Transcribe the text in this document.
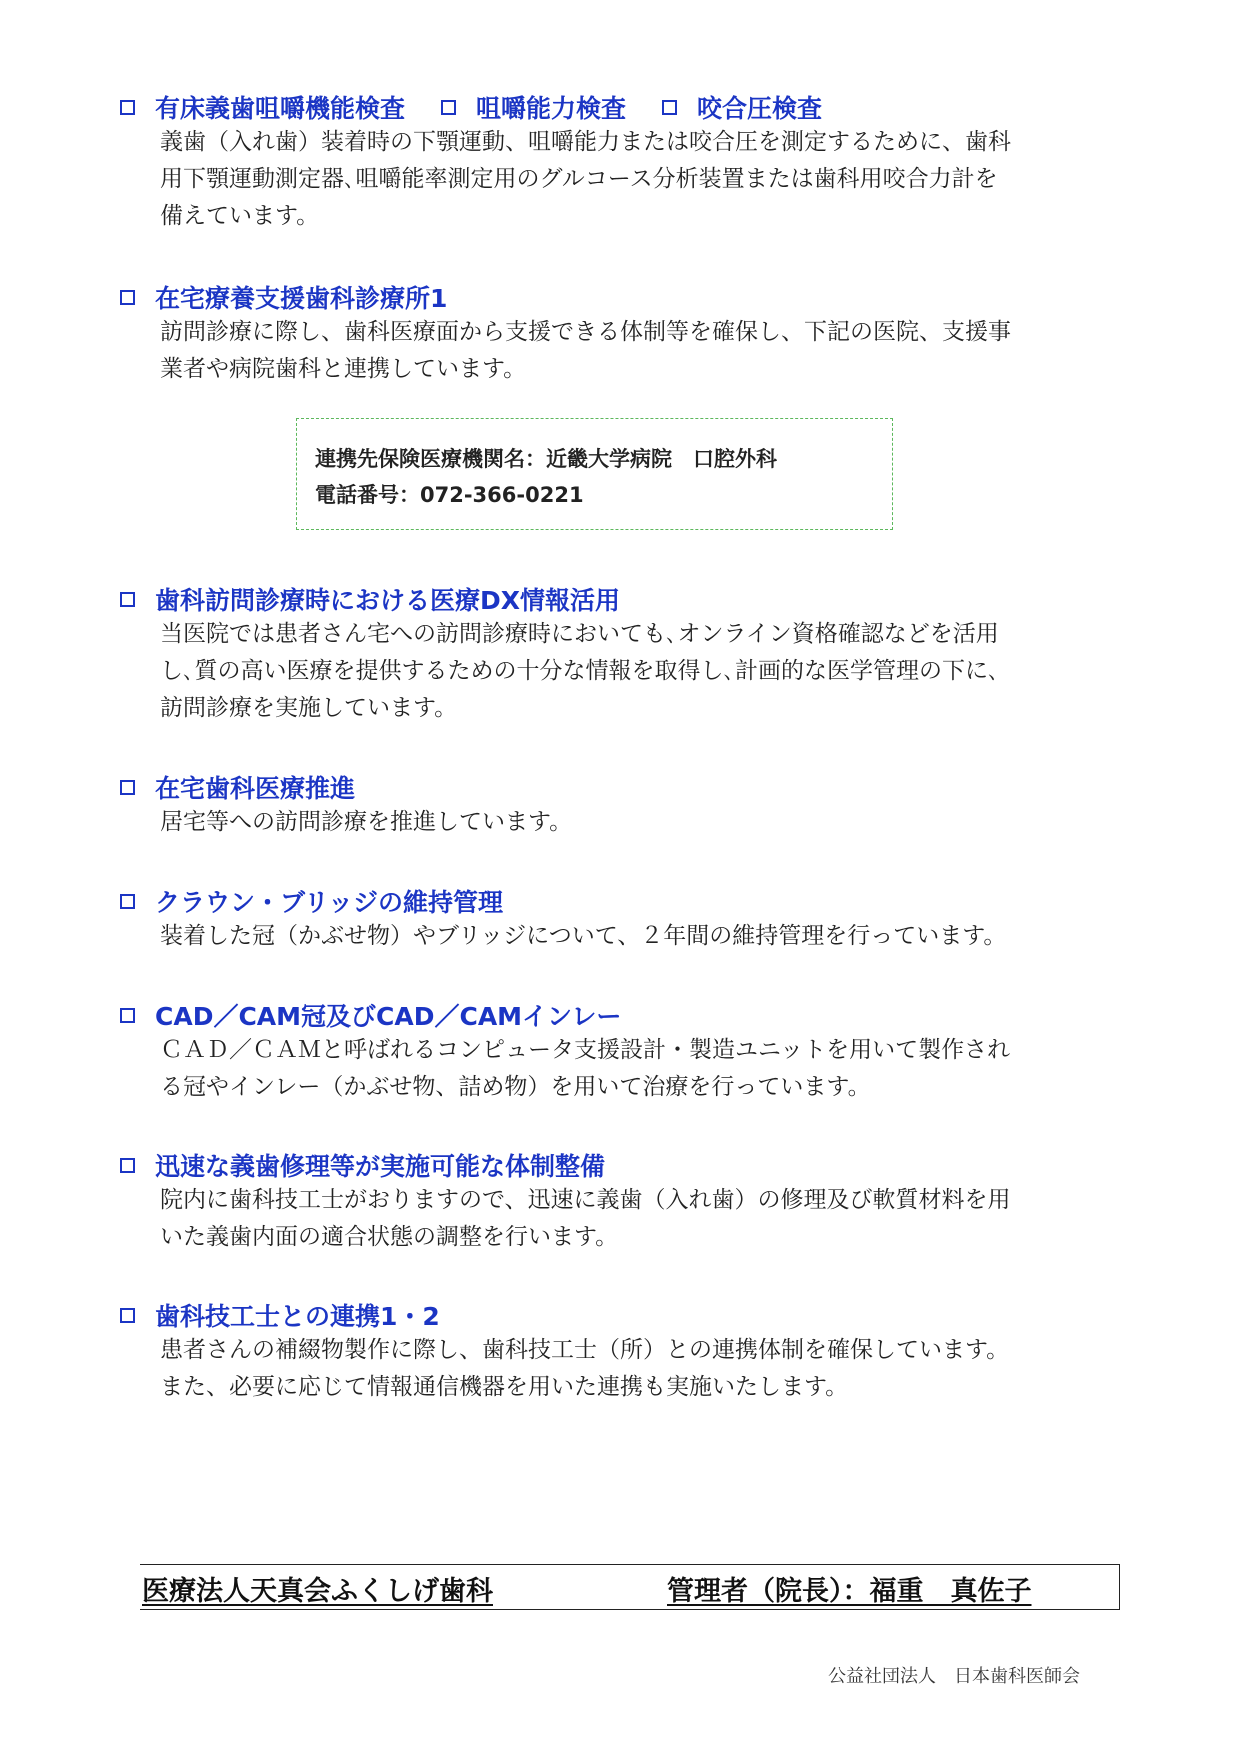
有床義歯咀嚼機能検査	咀嚼能力検査	咬合圧検査

義歯（入れ歯）装着時の下顎運動、咀嚼能力または咬合圧を測定するために、歯科

用下顎運動測定器､咀嚼能率測定用のグルコース分析装置または歯科用咬合力計を

備えています。

在宅療養支援歯科診療所1

訪問診療に際し、歯科医療面から支援できる体制等を確保し、下記の医院、支援事

業者や病院歯科と連携しています。

連携先保険医療機関名：近畿大学病院　口腔外科
電話番号：072-366-0221
歯科訪問診療時における医療DX情報活用

当医院では患者さん宅への訪問診療時においても､オンライン資格確認などを活用

し､質の高い医療を提供するための十分な情報を取得し､計画的な医学管理の下に､

訪問診療を実施しています。

在宅歯科医療推進

居宅等への訪問診療を推進しています。

クラウン・ブリッジの維持管理

装着した冠（かぶせ物）やブリッジについて、２年間の維持管理を行っています。

CAD／CAM冠及びCAD／CAMインレー

ＣＡＤ／ＣＡＭと呼ばれるコンピュータ支援設計・製造ユニットを用いて製作され

る冠やインレー（かぶせ物、詰め物）を用いて治療を行っています。

迅速な義歯修理等が実施可能な体制整備

院内に歯科技工士がおりますので、迅速に義歯（入れ歯）の修理及び軟質材料を用

いた義歯内面の適合状態の調整を行います。

歯科技工士との連携1・2

患者さんの補綴物製作に際し、歯科技工士（所）との連携体制を確保しています。

また、必要に応じて情報通信機器を用いた連携も実施いたします。

医療法人天真会ふくしげ歯科	管理者（院長）：福重　真佐子
公益社団法人　日本歯科医師会
